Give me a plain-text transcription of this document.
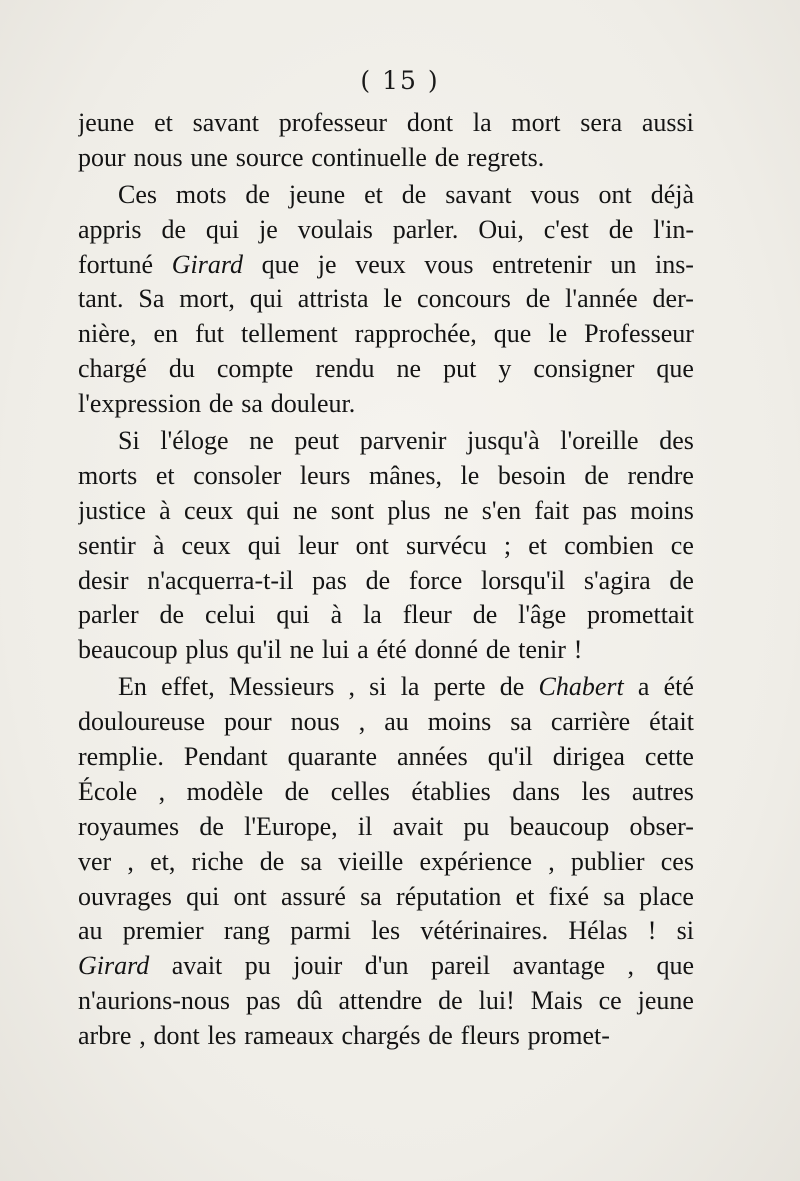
( 15 )
jeune et savant professeur dont la mort sera aussi
pour nous une source continuelle de regrets.
Ces mots de jeune et de savant vous ont déjà
appris de qui je voulais parler. Oui, c'est de l'in-
fortuné Girard que je veux vous entretenir un ins-
tant. Sa mort, qui attrista le concours de l'année der-
nière, en fut tellement rapprochée, que le Professeur
chargé du compte rendu ne put y consigner que
l'expression de sa douleur.
Si l'éloge ne peut parvenir jusqu'à l'oreille des
morts et consoler leurs mânes, le besoin de rendre
justice à ceux qui ne sont plus ne s'en fait pas moins
sentir à ceux qui leur ont survécu ; et combien ce
desir n'acquerra-t-il pas de force lorsqu'il s'agira de
parler de celui qui à la fleur de l'âge promettait
beaucoup plus qu'il ne lui a été donné de tenir !
En effet, Messieurs , si la perte de Chabert a été
douloureuse pour nous , au moins sa carrière était
remplie. Pendant quarante années qu'il dirigea cette
École , modèle de celles établies dans les autres
royaumes de l'Europe, il avait pu beaucoup obser-
ver , et, riche de sa vieille expérience , publier ces
ouvrages qui ont assuré sa réputation et fixé sa place
au premier rang parmi les vétérinaires. Hélas ! si
Girard avait pu jouir d'un pareil avantage , que
n'aurions-nous pas dû attendre de lui! Mais ce jeune
arbre , dont les rameaux chargés de fleurs promet-
